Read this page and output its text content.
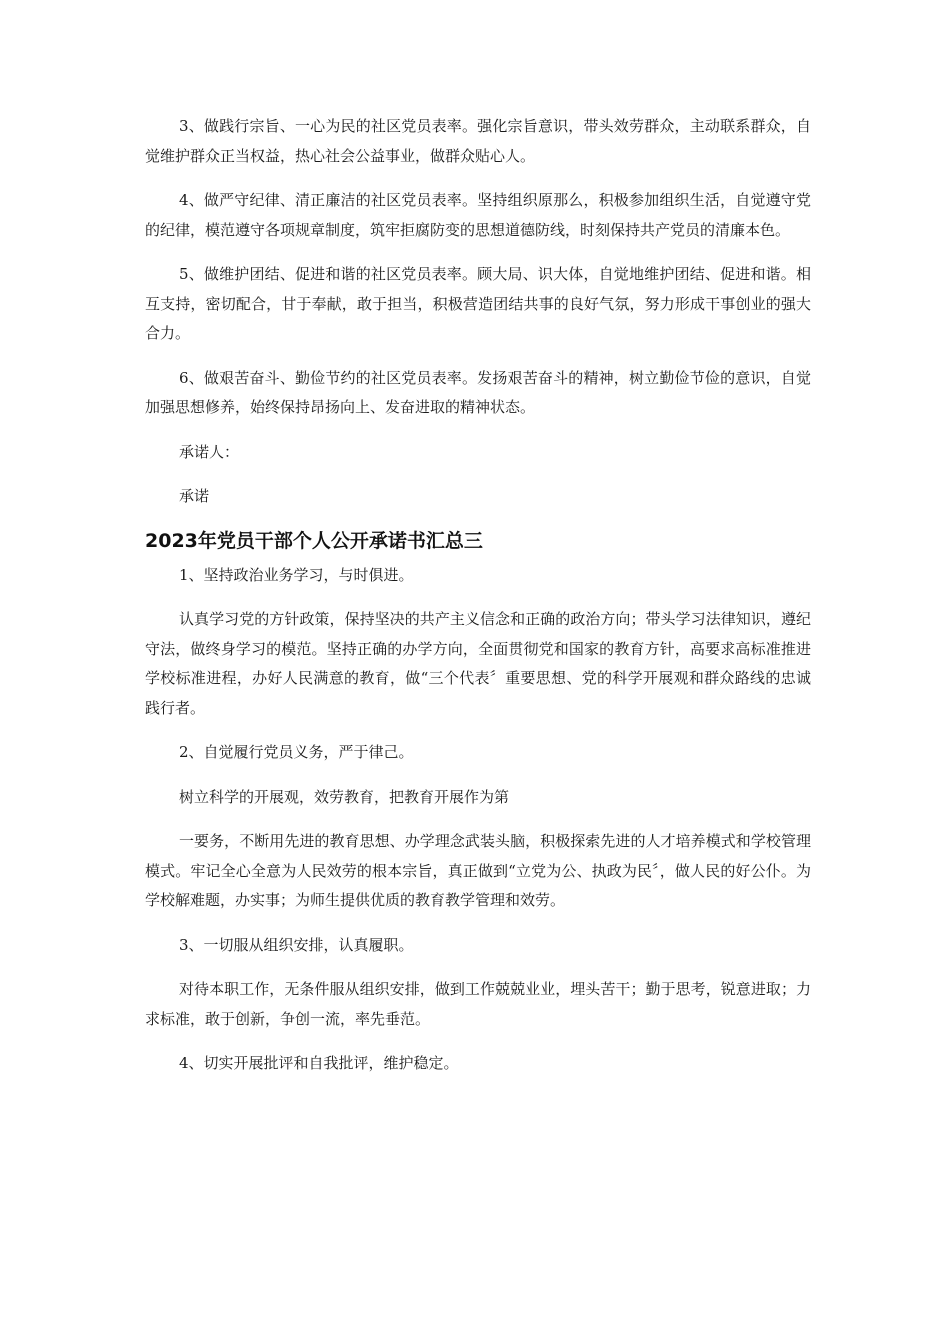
3、做践行宗旨、一心为民的社区党员表率。强化宗旨意识，带头效劳群众，主动联系群众，自觉维护群众正当权益，热心社会公益事业，做群众贴心人。

4、做严守纪律、清正廉洁的社区党员表率。坚持组织原那么，积极参加组织生活，自觉遵守党的纪律，模范遵守各项规章制度，筑牢拒腐防变的思想道德防线，时刻保持共产党员的清廉本色。

5、做维护团结、促进和谐的社区党员表率。顾大局、识大体，自觉地维护团结、促进和谐。相互支持，密切配合，甘于奉献，敢于担当，积极营造团结共事的良好气氛，努力形成干事创业的强大合力。

6、做艰苦奋斗、勤俭节约的社区党员表率。发扬艰苦奋斗的精神，树立勤俭节俭的意识，自觉加强思想修养，始终保持昂扬向上、发奋进取的精神状态。

承诺人：

承诺

2023年党员干部个人公开承诺书汇总三

1、坚持政治业务学习，与时俱进。

认真学习党的方针政策，保持坚决的共产主义信念和正确的政治方向；带头学习法律知识，遵纪守法，做终身学习的模范。坚持正确的办学方向，全面贯彻党和国家的教育方针，高要求高标准推进学校标准进程，办好人民满意的教育，做“三个代表〞重要思想、党的科学开展观和群众路线的忠诚践行者。

2、自觉履行党员义务，严于律己。

树立科学的开展观，效劳教育，把教育开展作为第

一要务，不断用先进的教育思想、办学理念武装头脑，积极探索先进的人才培养模式和学校管理模式。牢记全心全意为人民效劳的根本宗旨，真正做到“立党为公、执政为民〞，做人民的好公仆。为学校解难题，办实事；为师生提供优质的教育教学管理和效劳。

3、一切服从组织安排，认真履职。

对待本职工作，无条件服从组织安排，做到工作兢兢业业，埋头苦干；勤于思考，锐意进取；力求标准，敢于创新，争创一流，率先垂范。

4、切实开展批评和自我批评，维护稳定。
